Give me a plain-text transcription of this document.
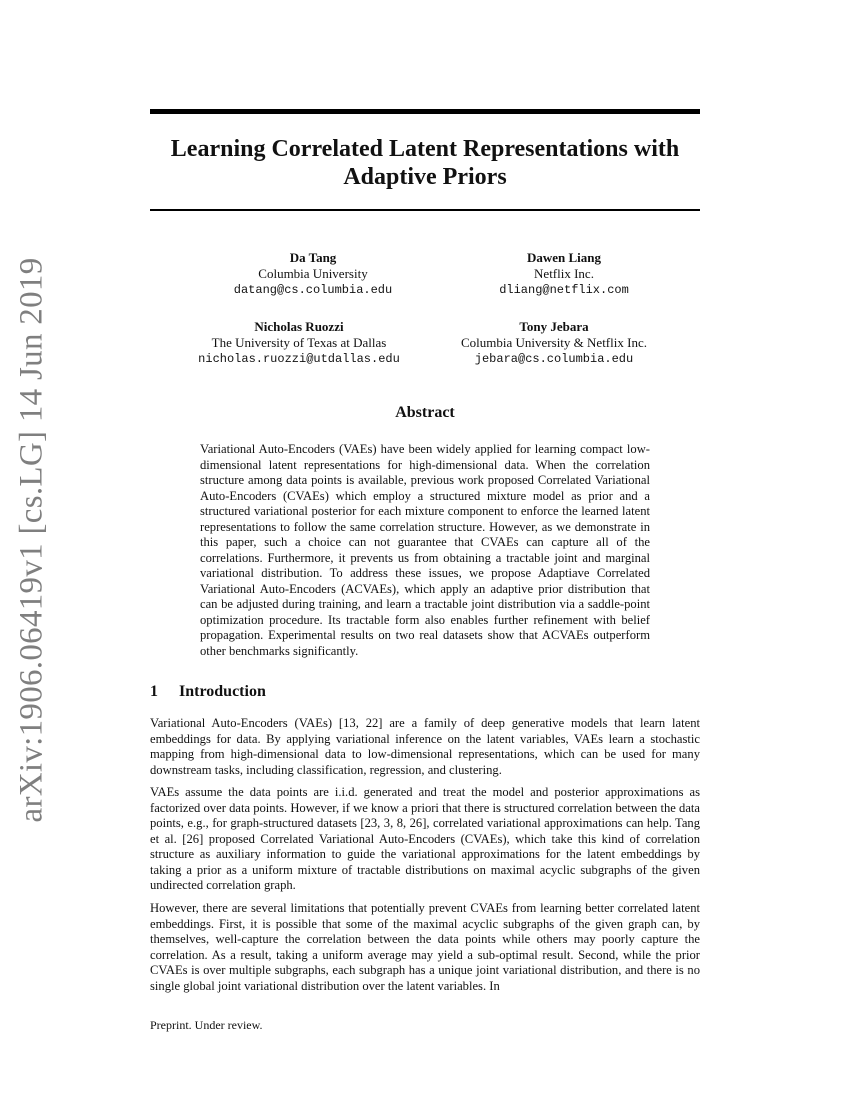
arXiv:1906.06419v1 [cs.LG] 14 Jun 2019
Learning Correlated Latent Representations with
Adaptive Priors
Da Tang
Columbia University
datang@cs.columbia.edu
Dawen Liang
Netflix Inc.
dliang@netflix.com
Nicholas Ruozzi
The University of Texas at Dallas
nicholas.ruozzi@utdallas.edu
Tony Jebara
Columbia University & Netflix Inc.
jebara@cs.columbia.edu
Abstract

Variational Auto-Encoders (VAEs) have been widely applied for learning compact low-dimensional latent representations for high-dimensional data. When the correlation structure among data points is available, previous work proposed Correlated Variational Auto-Encoders (CVAEs) which employ a structured mixture model as prior and a structured variational posterior for each mixture component to enforce the learned latent representations to follow the same correlation structure. However, as we demonstrate in this paper, such a choice can not guarantee that CVAEs can capture all of the correlations. Furthermore, it prevents us from obtaining a tractable joint and marginal variational distribution. To address these issues, we propose Adaptiave Correlated Variational Auto-Encoders (ACVAEs), which apply an adaptive prior distribution that can be adjusted during training, and learn a tractable joint distribution via a saddle-point optimization procedure. Its tractable form also enables further refinement with belief propagation. Experimental results on two real datasets show that ACVAEs outperform other benchmarks significantly.

1 Introduction

Variational Auto-Encoders (VAEs) [13, 22] are a family of deep generative models that learn latent embeddings for data. By applying variational inference on the latent variables, VAEs learn a stochastic mapping from high-dimensional data to low-dimensional representations, which can be used for many downstream tasks, including classification, regression, and clustering.

VAEs assume the data points are i.i.d. generated and treat the model and posterior approximations as factorized over data points. However, if we know a priori that there is structured correlation between the data points, e.g., for graph-structured datasets [23, 3, 8, 26], correlated variational approximations can help. Tang et al. [26] proposed Correlated Variational Auto-Encoders (CVAEs), which take this kind of correlation structure as auxiliary information to guide the variational approximations for the latent embeddings by taking a prior as a uniform mixture of tractable distributions on maximal acyclic subgraphs of the given undirected correlation graph.

However, there are several limitations that potentially prevent CVAEs from learning better correlated latent embeddings. First, it is possible that some of the maximal acyclic subgraphs of the given graph can, by themselves, well-capture the correlation between the data points while others may poorly capture the correlation. As a result, taking a uniform average may yield a sub-optimal result. Second, while the prior CVAEs is over multiple subgraphs, each subgraph has a unique joint variational distribution, and there is no single global joint variational distribution over the latent variables. In

Preprint. Under review.
